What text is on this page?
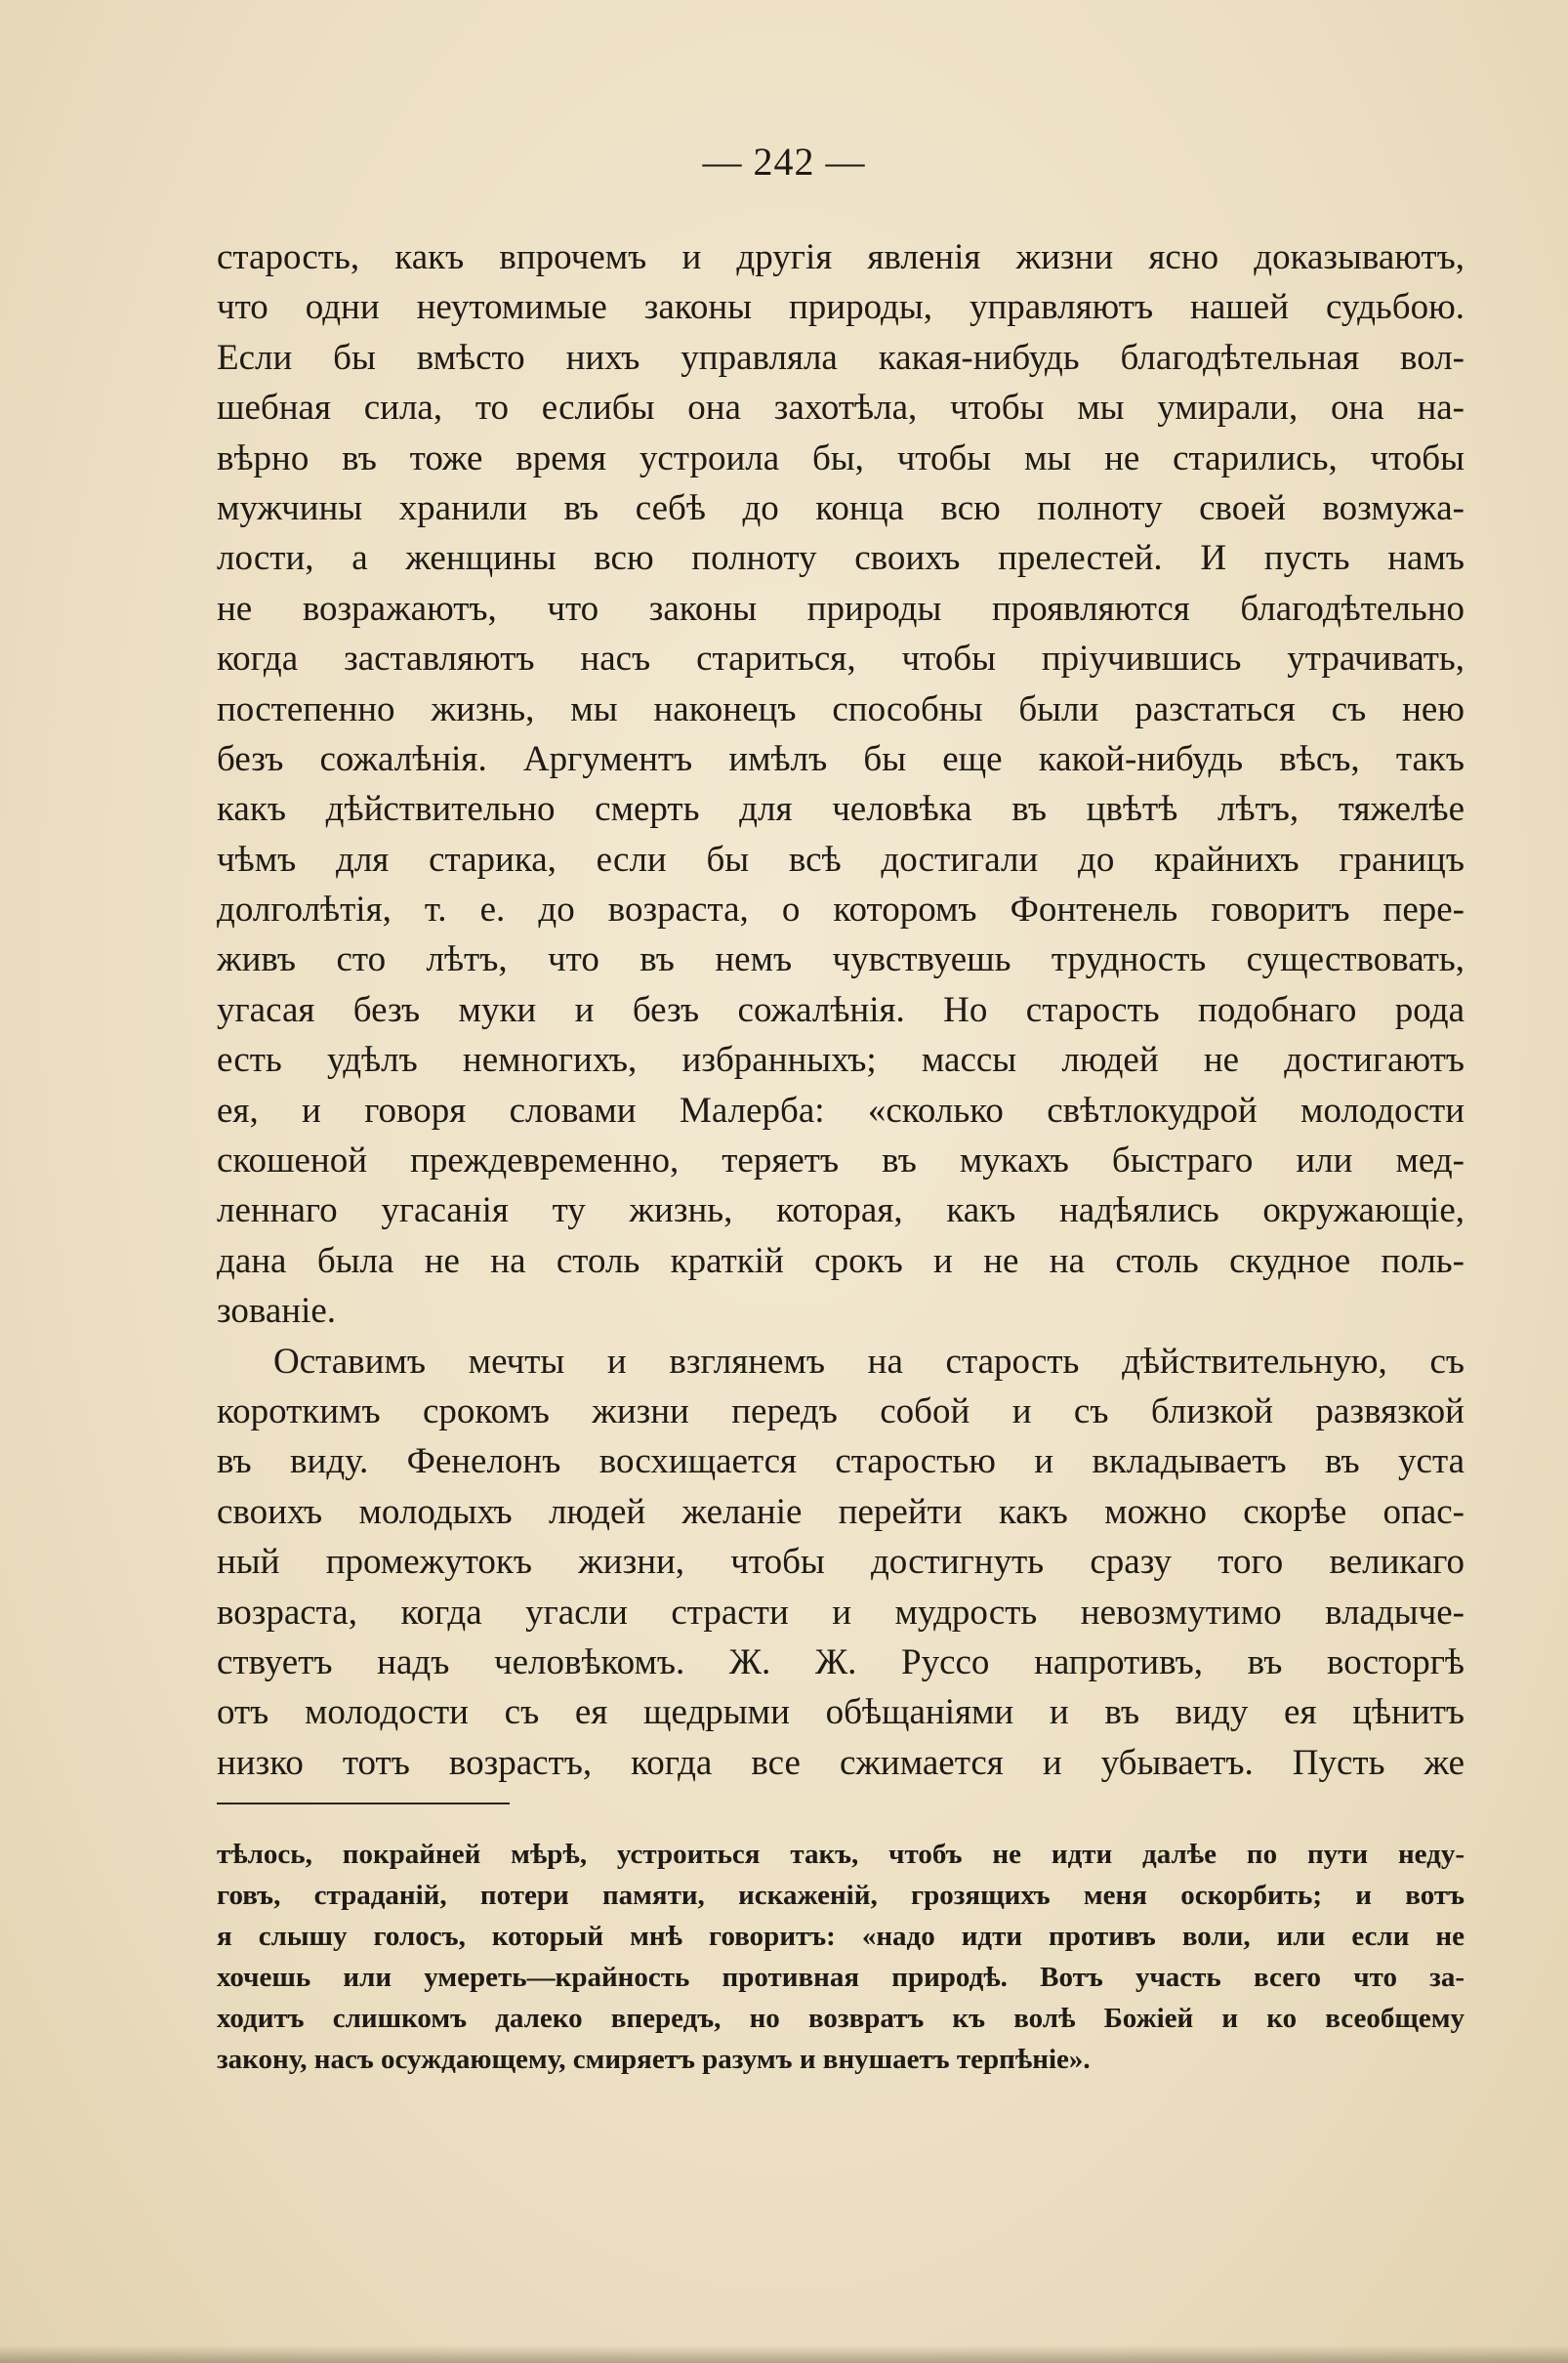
— 242 —
старость, какъ впрочемъ и другія явленія жизни ясно доказываютъ,
что одни неутомимые законы природы, управляютъ нашей судьбою.
Если бы вмѣсто нихъ управляла какая-нибудь благодѣтельная вол-
шебная сила, то еслибы она захотѣла, чтобы мы умирали, она на-
вѣрно въ тоже время устроила бы, чтобы мы не старились, чтобы
мужчины хранили въ себѣ до конца всю полноту своей возмужа-
лости, а женщины всю полноту своихъ прелестей. И пусть намъ
не возражаютъ, что законы природы проявляются благодѣтельно
когда заставляютъ насъ стариться, чтобы пріучившись утрачивать,
постепенно жизнь, мы наконецъ способны были разстаться съ нею
безъ сожалѣнія. Аргументъ имѣлъ бы еще какой-нибудь вѣсъ, такъ
какъ дѣйствительно смерть для человѣка въ цвѣтѣ лѣтъ, тяжелѣе
чѣмъ для старика, если бы всѣ достигали до крайнихъ границъ
долголѣтія, т. е. до возраста, о которомъ Фонтенель говоритъ пере-
живъ сто лѣтъ, что въ немъ чувствуешь трудность существовать,
угасая безъ муки и безъ сожалѣнія. Но старость подобнаго рода
есть удѣлъ немногихъ, избранныхъ; массы людей не достигаютъ
ея, и говоря словами Малерба: «сколько свѣтлокудрой молодости
скошеной преждевременно, теряетъ въ мукахъ быстраго или мед-
леннаго угасанія ту жизнь, которая, какъ надѣялись окружающіе,
дана была не на столь краткій срокъ и не на столь скудное поль-
зованіе.
Оставимъ мечты и взглянемъ на старость дѣйствительную, съ
короткимъ срокомъ жизни передъ собой и съ близкой развязкой
въ виду. Фенелонъ восхищается старостью и вкладываетъ въ уста
своихъ молодыхъ людей желаніе перейти какъ можно скорѣе опас-
ный промежутокъ жизни, чтобы достигнуть сразу того великаго
возраста, когда угасли страсти и мудрость невозмутимо владыче-
ствуетъ надъ человѣкомъ. Ж. Ж. Руссо напротивъ, въ восторгѣ
отъ молодости съ ея щедрыми обѣщаніями и въ виду ея цѣнитъ
низко тотъ возрастъ, когда все сжимается и убываетъ. Пусть же
тѣлось, покрайней мѣрѣ, устроиться такъ, чтобъ не идти далѣе по пути неду-
говъ, страданій, потери памяти, искаженій, грозящихъ меня оскорбить; и вотъ
я слышу голосъ, который мнѣ говоритъ: «надо идти противъ воли, или если не
хочешь или умереть—крайность противная природѣ. Вотъ участь всего что за-
ходитъ слишкомъ далеко впередъ, но возвратъ къ волѣ Божіей и ко всеобщему
закону, насъ осуждающему, смиряетъ разумъ и внушаетъ терпѣніе».
